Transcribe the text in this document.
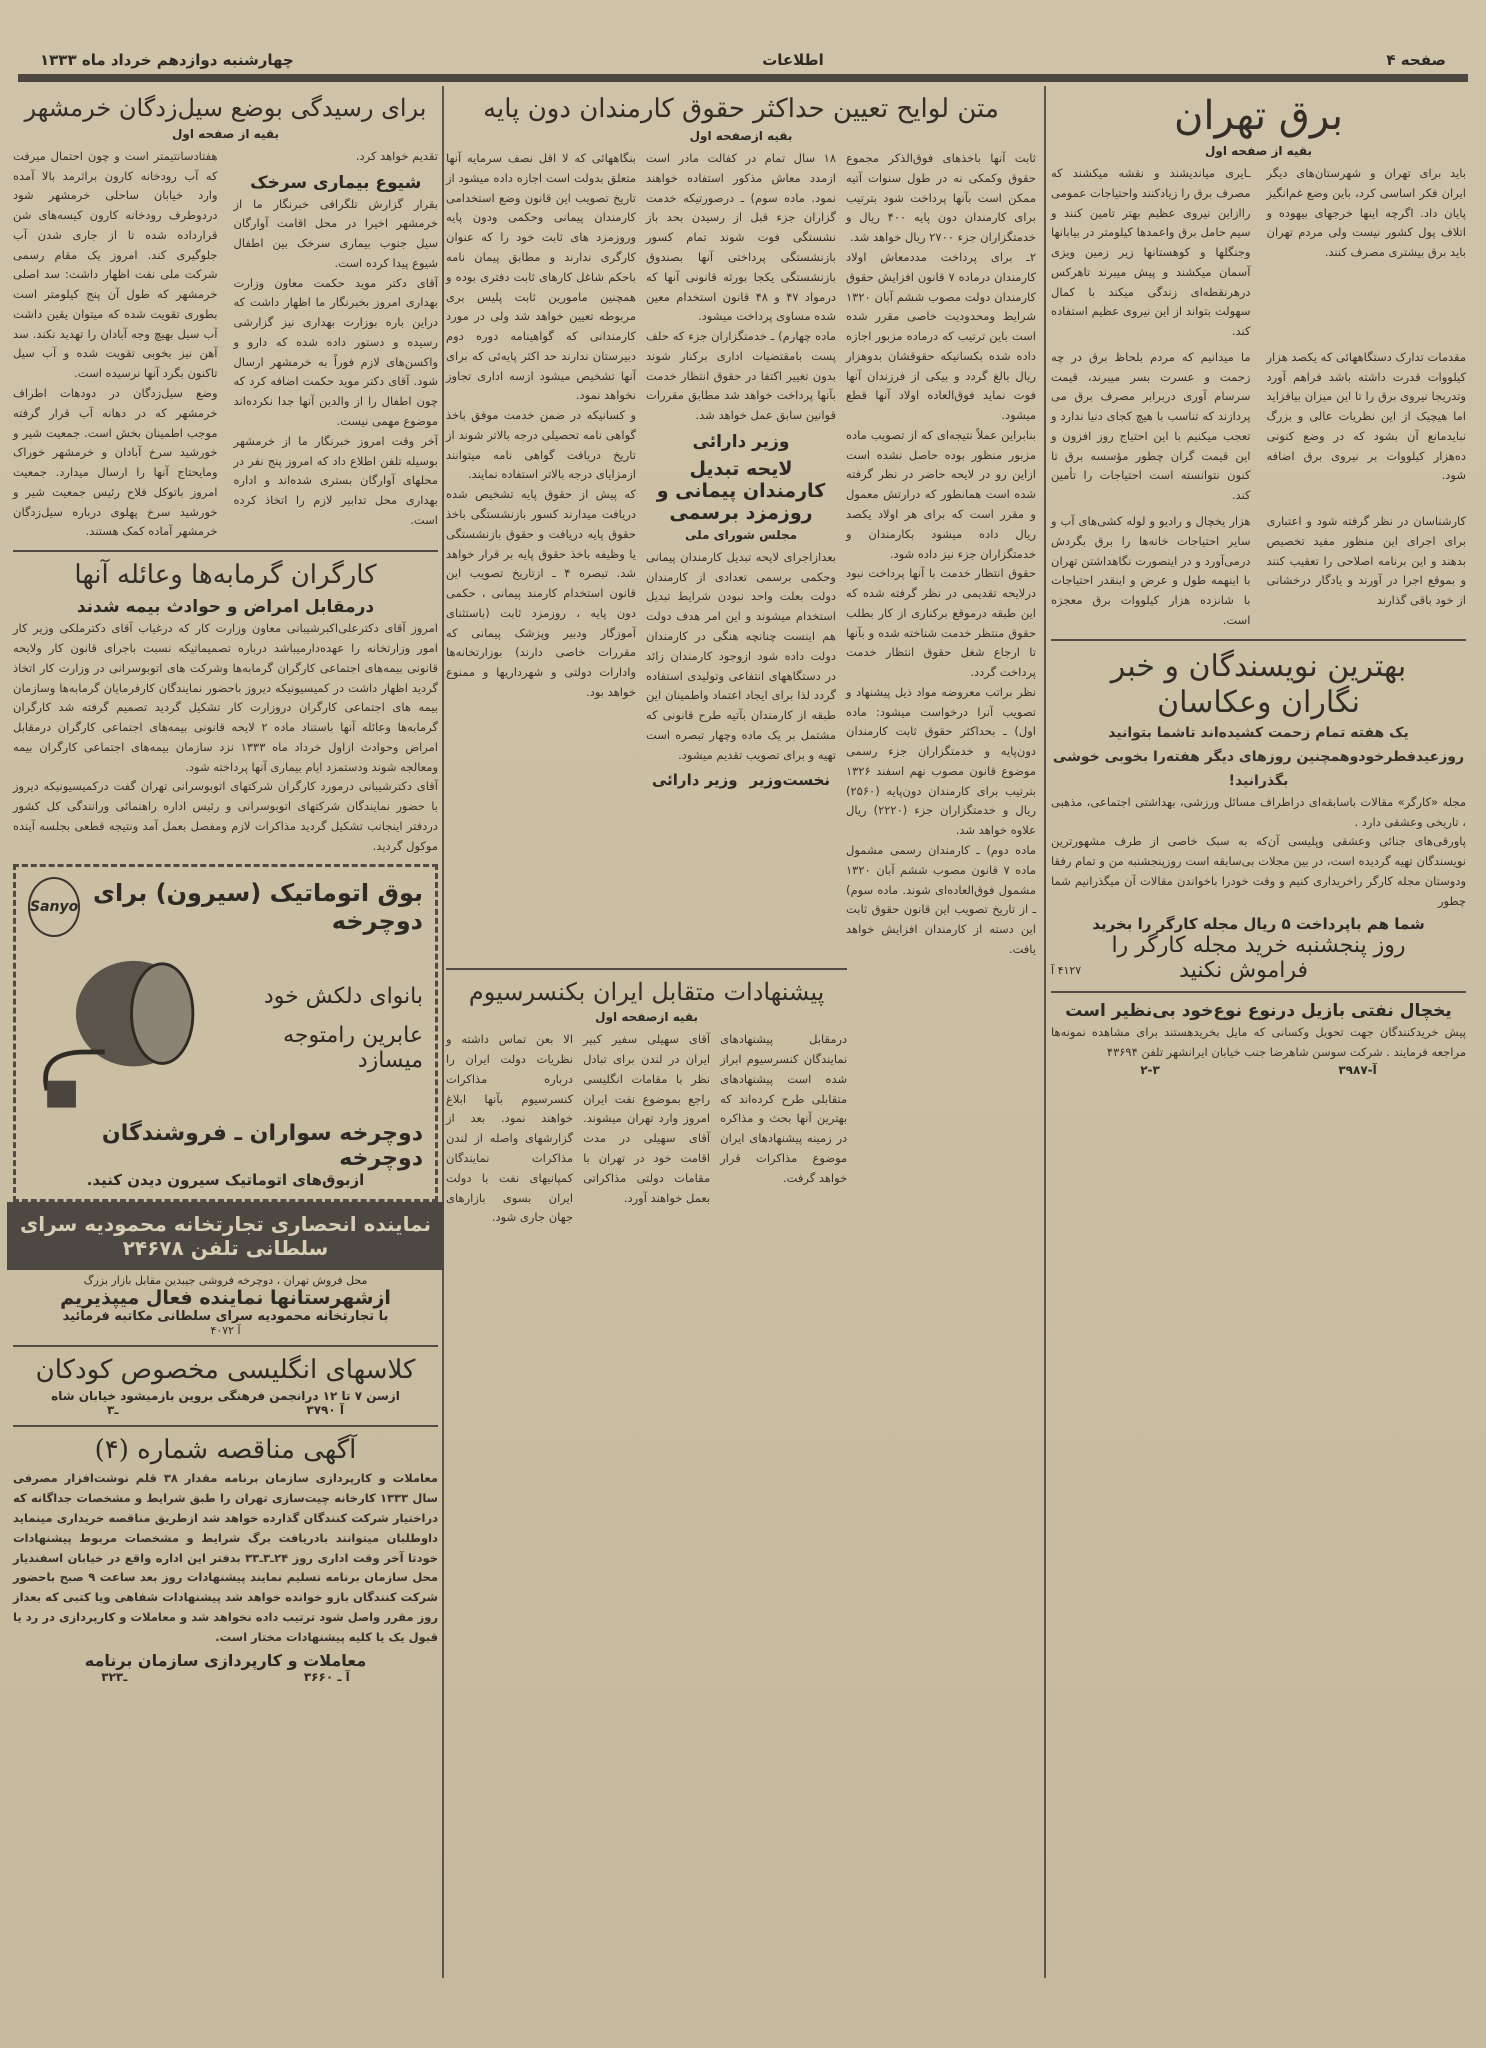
صفحه ۴
اطلاعات
چهارشنبه دوازدهم خرداد ماه ۱۳۳۳
برق تهران
بقیه از صفحه اول
باید برای تهران و شهرستان‌های دیگر ایران فکر اساسی کرد، باین وضع غم‌انگیز پایان داد. اگرچه اینها خرجهای بیهوده و اتلاف پول کشور نیست ولی مردم تهران باید برق بیشتری مصرف کنند.
ـایری میاندیشند و نقشه میکشند که مصرف برق را زیادکنند واحتیاجات عمومی راازاین نیروی عظیم بهتر تامین کنند و سیم حامل برق واعمدها کیلومتر در بیابانها وجنگلها و کوهستانها زیر زمین ویزی آسمان میکشند و پیش میبرند تاهرکس درهرنقطه‌ای زندگی میکند با کمال سهولت بتواند از این نیروی عظیم استفاده کند.
مقدمات تدارک دستگاههائی که یکصد هزار کیلووات قدرت داشته باشد فراهم آورد وتدریجا نیروی برق را تا این میزان بیافزاید اما هیچیک از این نظریات عالی و بزرگ نبایدمانع آن بشود که در وضع کنونی ده‌هزار کیلووات بر نیروی برق اضافه شود.
ما میدانیم که مردم بلحاظ برق در چه زحمت و عسرت بسر میبرند، قیمت سرسام آوری دربرابر مصرف برق می پردازند که تناسب با هیچ کجای دنیا ندارد و تعجب میکنیم با این احتیاج روز افزون و این قیمت گران چطور مؤسسه برق تا کنون نتوانسته است احتیاجات را تأمین کند.
کارشناسان در نظر گرفته شود و اعتباری برای اجرای این منظور مفید تخصیص بدهند و این برنامه اصلاحی را تعقیب کنند و بموقع اجرا در آورند و یادگار درخشانی از خود باقی گذارند
هزار یخچال و رادیو و لوله کشی‌های آب و سایر احتیاجات خانه‌ها را برق بگردش درمی‌آورد و در اینصورت نگاهداشتن تهران با اینهمه طول و عرض و اینقدر احتیاجات با شانزده هزار کیلووات برق معجزه است.
بهترین نویسندگان و خبر
نگاران وعکاسان
یک هفته تمام زحمت کشیده‌اند تاشما بتوانید روزعیدفطرخودوهمچنین روزهای دیگر هفته‌را بخوبی خوشی بگذرانید!
مجله «کارگر» مقالات باسابقه‌ای دراطراف مسائل ورزشی، بهداشتی اجتماعی، مذهبی ، تاریخی وعشقی دارد .
پاورقی‌های جنائی وعشقی وپلیسی آن‌که به سبک خاصی از طرف مشهورترین نویسندگان تهیه گردیده است، در بین مجلات بی‌سابقه است روزپنجشنبه من و تمام رفقا ودوستان مجله کارگر راخریداری کنیم و وقت خودرا باخواندن مقالات آن میگذرانیم شما چطور
شما هم باپرداخت ۵ ریال مجله کارگر را بخرید
روز پنجشنبه خرید مجله کارگر را
فراموش نکنید
۴۱۲۷ آ
یخچال نفتی بازیل درنوع نوع‌خود بی‌نظیر است
پیش خریدکنندگان جهت تحویل وکسانی که مایل بخریدهستند برای مشاهده نمونه‌ها مراجعه فرمایند . شرکت سوسن شاهرضا جنب خیابان ایرانشهر تلفن ۴۳۶۹۴
۲-۳	آ-۳۹۸۷
متن لوایح تعیین حداکثر حقوق کارمندان دون پایه
بقیه ازصفحه اول
ثابت آنها باخذهای فوق‌الذکر مجموع حقوق وکمکی نه در طول سنوات آتیه ممکن است بآنها پرداخت شود بترتیب برای کارمندان دون پایه ۴۰۰ ریال و خدمتگزاران جزء ۲۷۰۰ ریال خواهد شد.
۲ـ برای پرداخت مددمعاش اولاد کارمندان درماده ۷ قانون افزایش حقوق کارمندان دولت مصوب ششم آبان ۱۳۲۰ شرایط ومحدودیت خاصی مقرر شده است باین ترتیب که درماده مزبور اجازه داده شده بکسانیکه حقوقشان بدوهزار ریال بالغ گردد و بیکی از فرزندان آنها فوت نماید فوق‌العاده اولاد آنها قطع میشود.
بنابراین عملاً نتیجه‌ای که از تصویب ماده مزبور منظور بوده حاصل نشده است ازاین رو در لایحه حاضر در نظر گرفته شده است همانطور که درارتش معمول و مقرر است که برای هر اولاد یکصد ریال داده میشود بکارمندان و خدمتگزاران جزء نیز داده شود.
حقوق انتظار خدمت با آنها پرداخت نبود درلایحه تقدیمی در نظر گرفته شده که این طبقه درموقع برکناری از کار بطلب حقوق منتظر خدمت شناخته شده و بآنها تا ارجاع شغل حقوق انتظار خدمت پرداخت گردد.
نظر براتب معروضه مواد ذیل پیشنهاد و تصویب آنرا درخواست میشود: ماده اول) ـ بحداکثر حقوق ثابت کارمندان دون‌پایه و خدمتگزاران جزء رسمی موضوع قانون مصوب نهم اسفند ۱۳۲۶ بترتیب برای کارمندان دون‌پایه (۲۵۶۰) ریال و خدمتگزاران جزء (۲۲۲۰) ریال علاوه خواهد شد.
ماده دوم) ـ کارمندان رسمی مشمول ماده ۷ قانون مصوب ششم آبان ۱۳۲۰ مشمول فوق‌العاده‌ای شوند. ماده سوم) ـ از تاریخ تصویب این قانون حقوق ثابت این دسته از کارمندان افزایش خواهد یافت.
۱۸ سال تمام در کفالت مادر است ازمدد معاش مذکور استفاده خواهند نمود. ماده سوم) ـ درصورتیکه خدمت گزاران جزء قبل از رسیدن بحد باز نشستگی فوت شوند تمام کسور بازنشستگی پرداختی آنها بصندوق بازنشستگی یکجا بورثه قانونی آنها که درمواد ۴۷ و ۴۸ قانون استخدام معین شده مساوی پرداخت میشود.
ماده چهارم) ـ خدمتگزاران جزء که حلف پست بامقتضیات اداری برکنار شوند بدون تغییر اکتفا در حقوق انتظار خدمت بآنها پرداخت خواهد شد مطابق مقررات قوانین سابق عمل خواهد شد.
وزیر دارائی
لایحه تبدیل کارمندان پیمانی و روزمزد برسمی
مجلس شورای ملی
بعدازاجرای لایحه تبدیل کارمندان پیمانی وحکمی برسمی تعدادی از کارمندان دولت بعلت واحد نبودن شرایط تبدیل استخدام میشوند و این امر هدف دولت هم اینست چنانچه هنگی در کارمندان دولت داده شود ازوجود کارمندان زائد در دستگاههای انتفاعی وتولیدی استفاده گردد لذا برای ایجاد اعتماد واطمینان این طبقه از کارمندان بآتیه طرح قانونی که مشتمل بر یک ماده وچهار تبصره است تهیه و برای تصویب تقدیم میشود.
نخست‌وزیر
وزیر دارائی
بنگاههائی که لا اقل نصف سرمایه آنها متعلق بدولت است اجازه داده میشود از تاریخ تصویب این قانون وضع استخدامی کارمندان پیمانی وحکمی ودون پایه وروزمزد های ثابت خود را که عنوان کارگری ندارند و مطابق پیمان نامه باحکم شاغل کارهای ثابت دفتری بوده و همچنین مامورین ثابت پلیس بری مربوطه تعیین خواهد شد ولی در مورد کارمندانی که گواهینامه دوره دوم دبیرستان ندارند حد اکثر پایه‌ئی که برای آنها تشخیص میشود ازسه اداری تجاوز نخواهد نمود.
و کسانیکه در ضمن خدمت موفق باخذ گواهی نامه تحصیلی درجه بالاتر شوند از تاریخ دریافت گواهی نامه میتوانند ازمزایای درجه بالاتر استفاده نمایند.
که پیش از حقوق پایه تشخیص شده دریافت میدارند کسور بازنشستگی باخذ حقوق پایه دریافت و حقوق بازنشستگی یا وظیفه باخذ حقوق پایه بر قرار خواهد شد. تبصره ۴ ـ ازتاریخ تصویب این قانون استخدام کارمند پیمانی ، حکمی دون پایه ، روزمزد ثابت (باستثنای آموزگار ودبیر وپزشک پیمانی که مقررات خاصی دارند) بوزارتخانه‌ها وادارات دولتی و شهرداریها و ممنوع خواهد بود.
پیشنهادات متقابل ایران بکنسرسیوم
بقیه ازصفحه اول
درمقابل پیشنهادهای نمایندگان کنسرسیوم ابراز شده است پیشنهادهای متقابلی طرح کرده‌اند که بهترین آنها بحث و مذاکره در زمینه پیشنهادهای ایران موضوع مذاکرات قرار خواهد گرفت.
آقای سهیلی سفیر کبیر ایران در لندن برای تبادل نظر با مقامات انگلیسی راجع بموضوع نفت ایران امروز وارد تهران میشوند. آقای سهیلی در مدت اقامت خود در تهران با مقامات دولتی مذاکراتی بعمل خواهند آورد.
الا بعن تماس داشته و نظریات دولت ایران را درباره مذاکرات کنسرسیوم بآنها ابلاغ خواهند نمود. بعد از گزارشهای واصله از لندن مذاکرات نمایندگان کمپانیهای نفت با دولت ایران بسوی بازارهای جهان جاری شود.
برای رسیدگی بوضع سیل‌زدگان خرمشهر
بقیه از صفحه اول
تقدیم خواهد کرد.
شیوع بیماری سرخک
بقرار گزارش تلگرافی خبرنگار ما از خرمشهر اخیرا در محل اقامت آوارگان سیل جنوب بیماری سرخک بین اطفال شیوع پیدا کرده است.
آقای دکتر موید حکمت معاون وزارت بهداری امروز بخبرنگار ما اظهار داشت که دراین باره بوزارت بهداری نیز گزارشی رسیده و دستور داده شده که دارو و واکسن‌های لازم فوراً به خرمشهر ارسال شود. آقای دکتر موید حکمت اضافه کرد که چون اطفال را از والدین آنها جدا نکرده‌اند موضوع مهمی نیست.
آخر وقت امروز خبرنگار ما از خرمشهر بوسیله تلفن اطلاع داد که امروز پنج نفر در محلهای آوارگان بستری شده‌اند و اداره بهداری محل تدابیر لازم را اتخاذ کرده است.
هفتادسانتیمتر است و چون احتمال میرفت که آب رودخانه کارون براثرمد بالا آمده وارد خیابان ساحلی خرمشهر شود دردوطرف رودخانه کارون کیسه‌های شن قرارداده شده تا از جاری شدن آب جلوگیری کند. امروز یک مقام رسمی شرکت ملی نفت اظهار داشت: سد اصلی خرمشهر که طول آن پنج کیلومتر است بطوری تقویت شده که میتوان یقین داشت آب سیل بهیچ وجه آبادان را تهدید نکند. سد آهن نیز بخوبی تقویت شده و آب سیل تاکنون بگرد آنها نرسیده است.
وضع سیل‌زدگان در دودهات اطراف خرمشهر که در دهانه آب قرار گرفته موجب اطمینان بخش است. جمعیت شیر و خورشید سرخ آبادان و خرمشهر خوراک ومایحتاج آنها را ارسال میدارد. جمعیت امروز باتوکل فلاح رئیس جمعیت شیر و خورشید سرخ پهلوی درباره سیل‌زدگان خرمشهر آماده کمک هستند.
کارگران گرمابه‌ها وعائله آنها
درمقابل امراض و حوادث بیمه شدند
امروز آقای دکترعلی‌اکبرشیبانی معاون وزارت کار که درغیاب آقای دکترملکی وزیر کار امور وزارتخانه را عهده‌دارمیباشد درباره تصمیماتیکه نسبت باجرای قانون کار ولایحه قانونی بیمه‌های اجتماعی کارگران گرمابه‌ها وشرکت های اتوبوسرانی در وزارت کار اتخاذ گردید اظهار داشت در کمیسیونیکه دیروز باحضور نمایندگان کارفرمایان گرمابه‌ها وسازمان بیمه های اجتماعی کارگران دروزارت کار تشکیل گردید تصمیم گرفته شد کارگران گرمابه‌ها وعائله آنها باستناد ماده ۲ لایحه قانونی بیمه‌های اجتماعی کارگران درمقابل امراض وحوادث ازاول خرداد ماه ۱۳۳۳ نزد سازمان بیمه‌های اجتماعی کارگران بیمه ومعالجه شوند ودستمزد ایام بیماری آنها پرداخته شود.
آقای دکترشیبانی درمورد کارگران شرکتهای اتوبوسرانی تهران گفت درکمیسیونیکه دیروز با حضور نمایندگان شرکتهای اتوبوسرانی و رئیس اداره راهنمائی ورانندگی کل کشور دردفتر اینجانب تشکیل گردید مذاکرات لازم ومفصل بعمل آمد ونتیجه قطعی بجلسه آینده موکول گردید.
بوق اتوماتیک (سیرون) برای دوچرخه
Sanyo
بانوای دلکش خود
عابرین رامتوجه میسازد
دوچرخه سواران ـ فروشندگان دوچرخه
ازبوق‌های اتوماتیک سیرون دیدن کنید.
نماینده انحصاری تجارتخانه محمودیه سرای سلطانی تلفن ۲۴۶۷۸
محل فروش تهران ، دوچرخه فروشی جیبدین مقابل بازار بزرگ
ازشهرستانها نماینده فعال میپذیریم
با تجارتخانه محمودیه سرای سلطانی مکاتبه فرمائید
آ ۴۰۷۲
کلاسهای انگلیسی مخصوص کودکان
ازسن ۷ تا ۱۲ درانجمن فرهنگی بروین بازمیشود خیابان شاه
ـ۳	آ ۳۷۹۰
آگهی مناقصه شماره (۴)
معاملات و کارپردازی سازمان برنامه مقدار ۳۸ قلم نوشت‌افزار مصرفی سال ۱۳۳۳ کارخانه چیت‌سازی تهران را طبق شرایط و مشخصات جداگانه که دراختیار شرکت کنندگان گذارده خواهد شد ازطریق مناقصه خریداری مینماید داوطلبان میتوانند بادریافت برگ شرایط و مشخصات مربوط پیشنهادات خودتا آخر وقت اداری روز ۲۴ـ۳ـ۳۳ بدفتر این اداره واقع در خیابان اسفندیار محل سازمان برنامه تسلیم نمایند پیشنهادات روز بعد ساعت ۹ صبح باحضور شرکت کنندگان بازو خوانده خواهد شد پیشنهادات شفاهی ویا کتبی که بعداز روز مقرر واصل شود ترتیب داده نخواهد شد و معاملات و کارپردازی در رد یا قبول یک یا کلیه پیشنهادات مختار است.
معاملات و کارپردازی سازمان برنامه
۳ـ۲۳	آ ـ ۳۶۶۰
